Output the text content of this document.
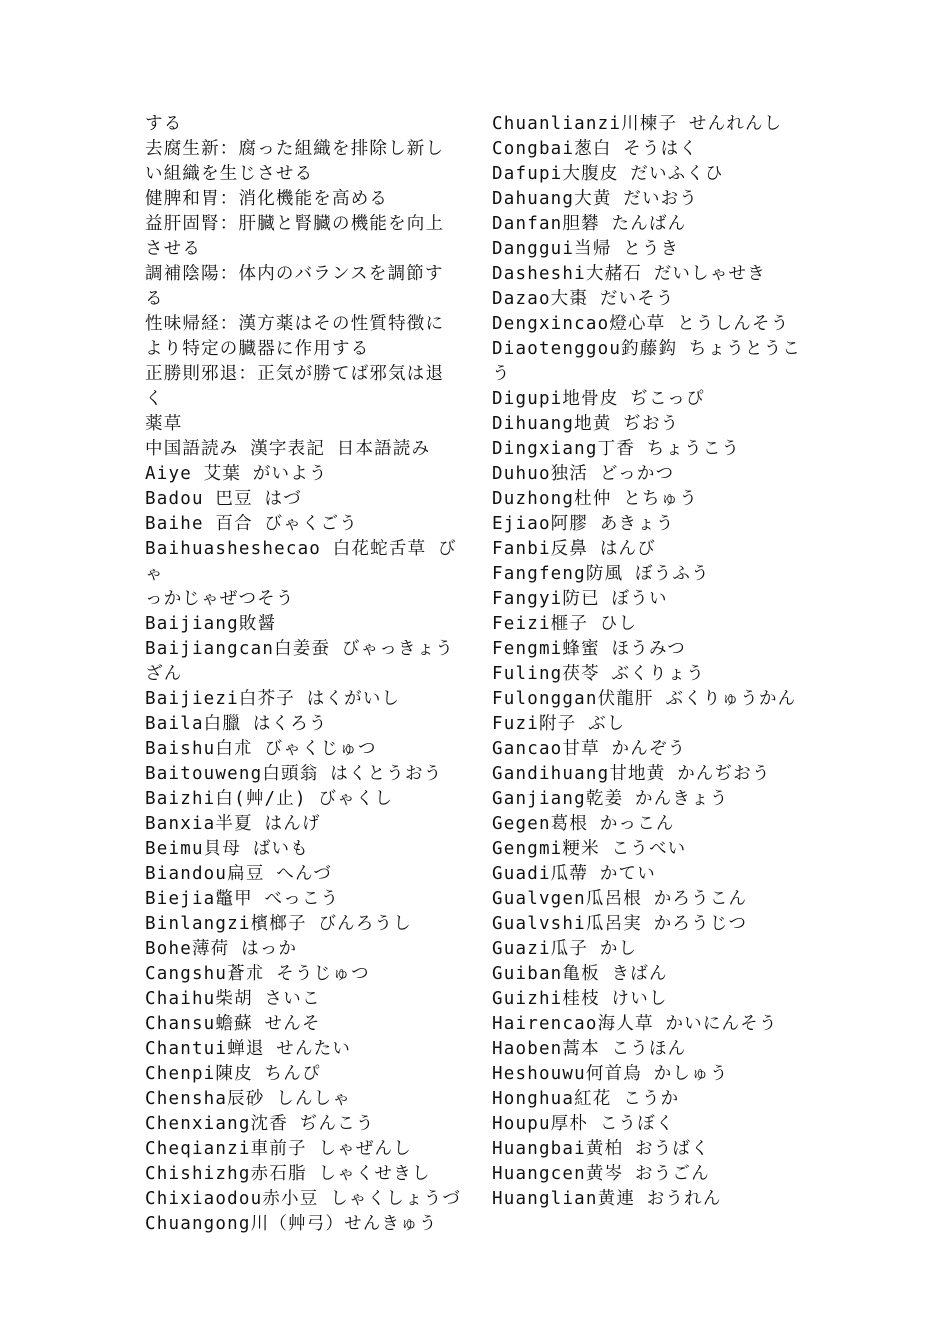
する
去腐生新：腐った組織を排除し新し
い組織を生じさせる
健脾和胃：消化機能を高める
益肝固腎：肝臓と腎臓の機能を向上
させる
調補陰陽：体内のバランスを調節す
る
性味帰経：漢方薬はその性質特徴に
より特定の臓器に作用する
正勝則邪退：正気が勝てば邪気は退
く
薬草
中国語読み 漢字表記 日本語読み
Aiye 艾葉 がいよう
Badou 巴豆 はづ
Baihe 百合 びゃくごう
Baihuasheshecao 白花蛇舌草 びゃ
っかじゃぜつそう
Baijiang敗醤
Baijiangcan白姜蚕 びゃっきょう
ざん
Baijiezi白芥子 はくがいし
Baila白臘 はくろう
Baishu白朮 びゃくじゅつ
Baitouweng白頭翁 はくとうおう
Baizhi白(艸/止) びゃくし
Banxia半夏 はんげ
Beimu貝母 ばいも
Biandou扁豆 へんづ
Biejia鼈甲 べっこう
Binlangzi檳榔子 びんろうし
Bohe薄荷 はっか
Cangshu蒼朮 そうじゅつ
Chaihu柴胡 さいこ
Chansu蟾蘇 せんそ
Chantui蝉退 せんたい
Chenpi陳皮 ちんぴ
Chensha辰砂 しんしゃ
Chenxiang沈香 ぢんこう
Cheqianzi車前子 しゃぜんし
Chishizhg赤石脂 しゃくせきし
Chixiaodou赤小豆 しゃくしょうづ
Chuangong川（艸弓）せんきゅう
Chuanlianzi川楝子 せんれんし
Congbai葱白 そうはく
Dafupi大腹皮 だいふくひ
Dahuang大黄 だいおう
Danfan胆礬 たんばん
Danggui当帰 とうき
Dasheshi大赭石 だいしゃせき
Dazao大棗 だいそう
Dengxincao燈心草 とうしんそう
Diaotenggou釣藤鈎 ちょうとうこ
う
Digupi地骨皮 ぢこっぴ
Dihuang地黄 ぢおう
Dingxiang丁香 ちょうこう
Duhuo独活 どっかつ
Duzhong杜仲 とちゅう
Ejiao阿膠 あきょう
Fanbi反鼻 はんび
Fangfeng防風 ぼうふう
Fangyi防已 ぼうい
Feizi榧子 ひし
Fengmi蜂蜜 ほうみつ
Fuling茯苓 ぶくりょう
Fulonggan伏龍肝 ぶくりゅうかん
Fuzi附子 ぶし
Gancao甘草 かんぞう
Gandihuang甘地黄 かんぢおう
Ganjiang乾姜 かんきょう
Gegen葛根 かっこん
Gengmi粳米 こうべい
Guadi瓜蔕 かてい
Gualvgen瓜呂根 かろうこん
Gualvshi瓜呂実 かろうじつ
Guazi瓜子 かし
Guiban亀板 きばん
Guizhi桂枝 けいし
Hairencao海人草 かいにんそう
Haoben蒿本 こうほん
Heshouwu何首烏 かしゅう
Honghua紅花 こうか
Houpu厚朴 こうぼく
Huangbai黄柏 おうばく
Huangcen黄岑 おうごん
Huanglian黄連 おうれん
